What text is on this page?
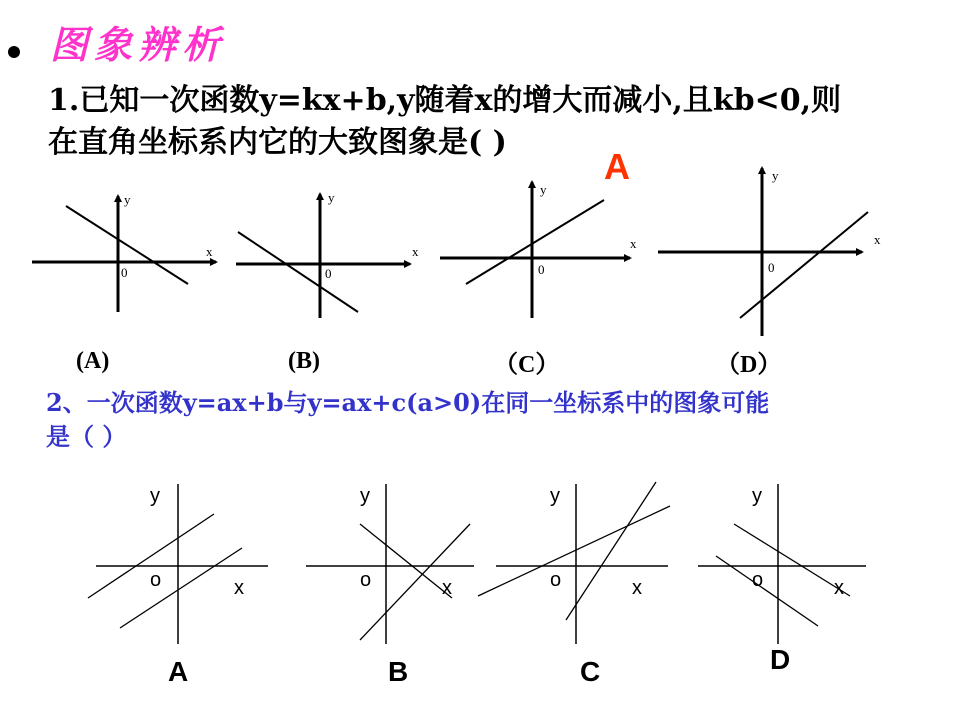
图象辨析
1.已知一次函数y=kx+b,y随着x的增大而减小,且kb<0,则
在直角坐标系内它的大致图象是( )
A
y
x
0
y
x
0
y
x
0
y
x
0
y
o	x
y
o	x
y
o	x
y
o	x
(A)	(B)	（C）	（D）
2、一次函数y=ax+b与y=ax+c(a>0)在同一坐标系中的图象可能
是（ ）
A	B	C	D
